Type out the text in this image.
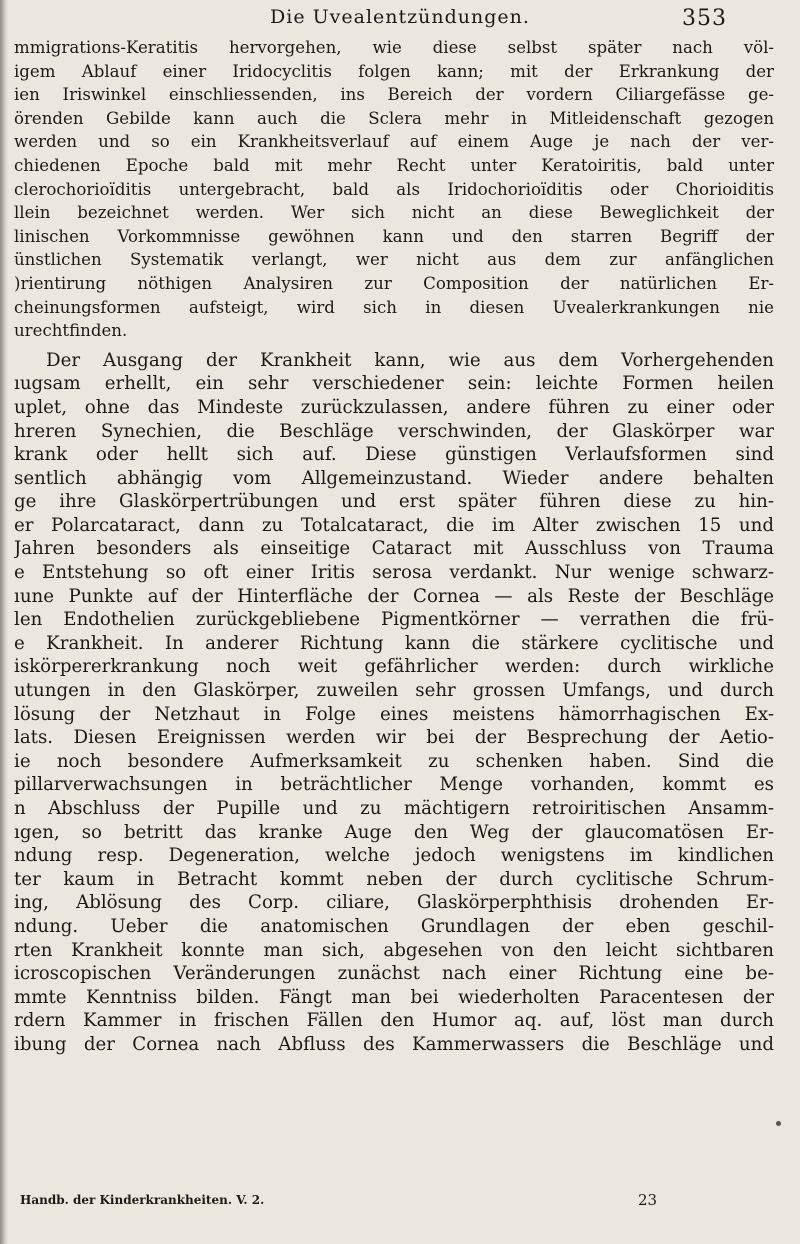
Die Uvealentzündungen.	353
mmigrations-Keratitis hervorgehen, wie diese selbst später nach völ-
igem Ablauf einer Iridocyclitis folgen kann; mit der Erkrankung der
ien Iriswinkel einschliessenden, ins Bereich der vordern Ciliargefässe ge-
örenden Gebilde kann auch die Sclera mehr in Mitleidenschaft gezogen
werden und so ein Krankheitsverlauf auf einem Auge je nach der ver-
chiedenen Epoche bald mit mehr Recht unter Keratoiritis, bald unter
clerochorioïditis untergebracht, bald als Iridochorioïditis oder Chorioiditis
llein bezeichnet werden. Wer sich nicht an diese Beweglichkeit der
linischen Vorkommnisse gewöhnen kann und den starren Begriff der
ünstlichen Systematik verlangt, wer nicht aus dem zur anfänglichen
)rientirung nöthigen Analysiren zur Composition der natürlichen Er-
cheinungsformen aufsteigt, wird sich in diesen Uvealerkrankungen nie
urechtfinden.
Der Ausgang der Krankheit kann, wie aus dem Vorhergehenden
ıugsam erhellt, ein sehr verschiedener sein: leichte Formen heilen
uplet, ohne das Mindeste zurückzulassen, andere führen zu einer oder
hreren Synechien, die Beschläge verschwinden, der Glaskörper war
krank oder hellt sich auf. Diese günstigen Verlaufsformen sind
sentlich abhängig vom Allgemeinzustand. Wieder andere behalten
ge ihre Glaskörpertrübungen und erst später führen diese zu hin-
er Polarcataract, dann zu Totalcataract, die im Alter zwischen 15 und
Jahren besonders als einseitige Cataract mit Ausschluss von Trauma
e Entstehung so oft einer Iritis serosa verdankt. Nur wenige schwarz-
ıune Punkte auf der Hinterfläche der Cornea — als Reste der Beschläge
len Endothelien zurückgebliebene Pigmentkörner — verrathen die frü-
e Krankheit. In anderer Richtung kann die stärkere cyclitische und
iskörpererkrankung noch weit gefährlicher werden: durch wirkliche
utungen in den Glaskörper, zuweilen sehr grossen Umfangs, und durch
lösung der Netzhaut in Folge eines meistens hämorrhagischen Ex-
lats. Diesen Ereignissen werden wir bei der Besprechung der Aetio-
ie noch besondere Aufmerksamkeit zu schenken haben. Sind die
pillarverwachsungen in beträchtlicher Menge vorhanden, kommt es
n Abschluss der Pupille und zu mächtigern retroiritischen Ansamm-
ıgen, so betritt das kranke Auge den Weg der glaucomatösen Er-
ndung resp. Degeneration, welche jedoch wenigstens im kindlichen
ter kaum in Betracht kommt neben der durch cyclitische Schrum-
ing, Ablösung des Corp. ciliare, Glaskörperphthisis drohenden Er-
ndung. Ueber die anatomischen Grundlagen der eben geschil-
rten Krankheit konnte man sich, abgesehen von den leicht sichtbaren
icroscopischen Veränderungen zunächst nach einer Richtung eine be-
mmte Kenntniss bilden. Fängt man bei wiederholten Paracentesen der
rdern Kammer in frischen Fällen den Humor aq. auf, löst man durch
ibung der Cornea nach Abfluss des Kammerwassers die Beschläge und
Handb. der Kinderkrankheiten. V. 2.	23
